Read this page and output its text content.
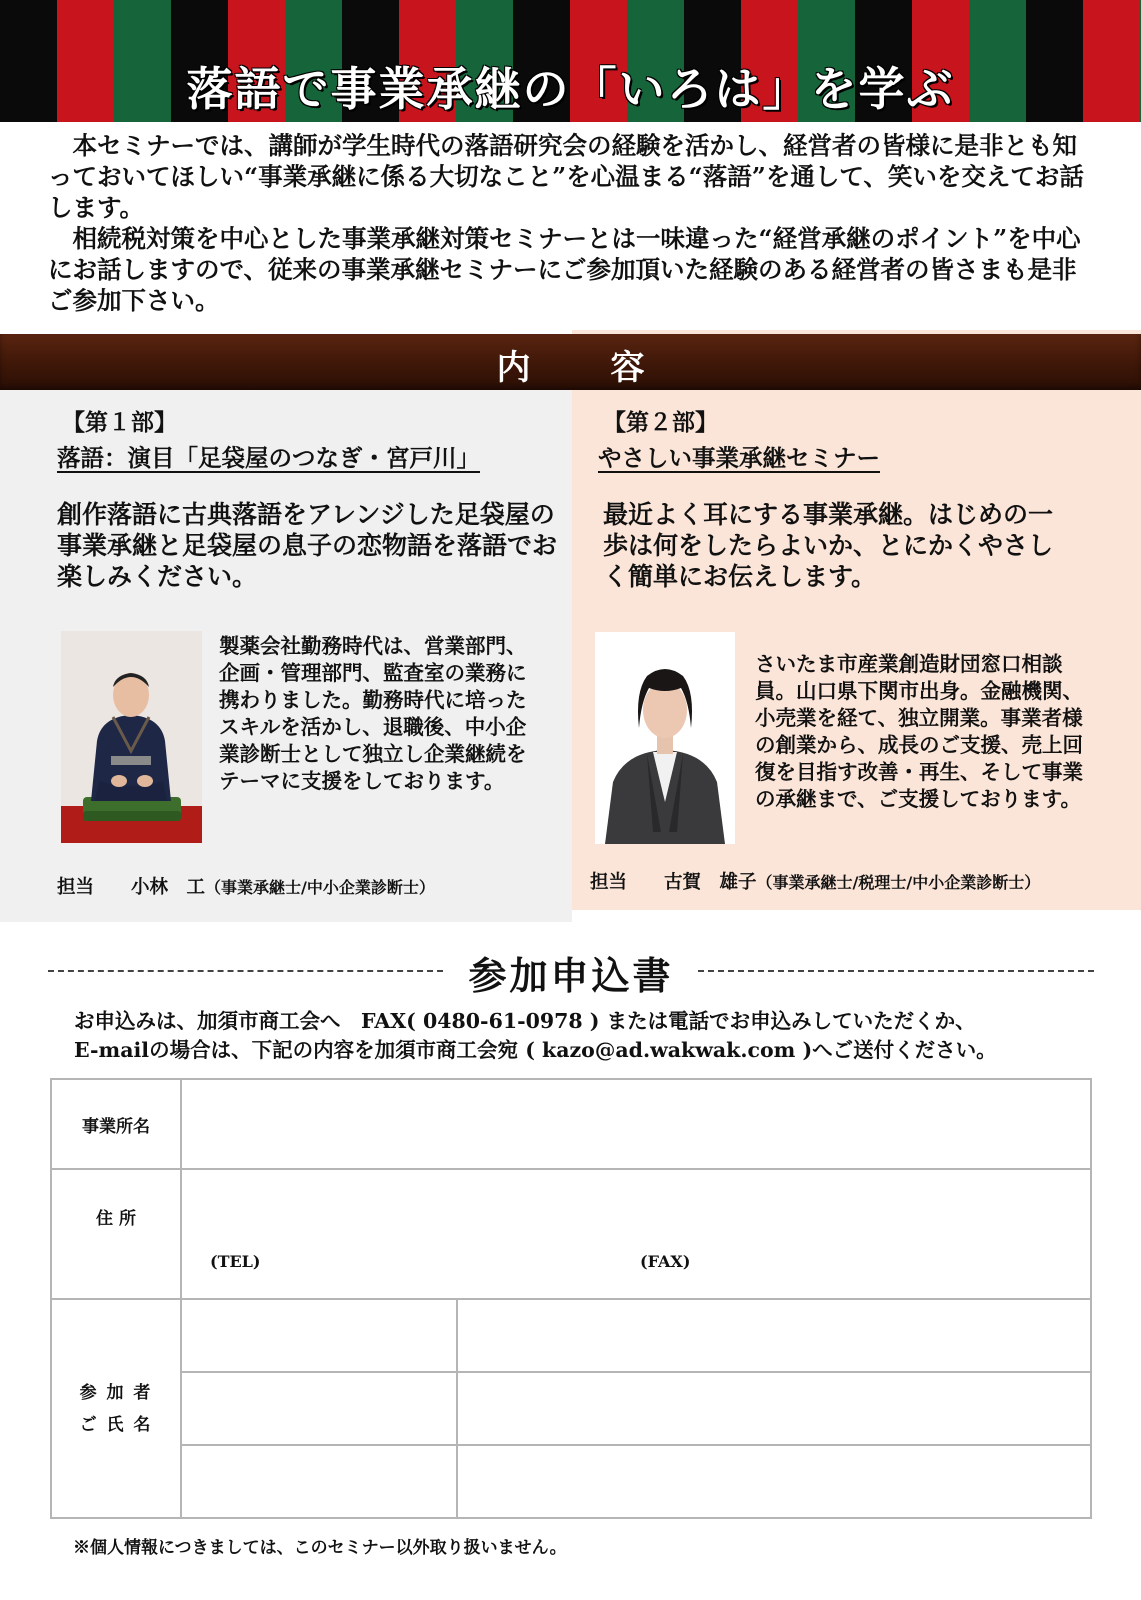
落語で事業承継の「いろは」を学ぶ

本セミナーでは、講師が学生時代の落語研究会の経験を活かし、経営者の皆様に是非とも知っておいてほしい“事業承継に係る大切なこと”を心温まる“落語”を通して、笑いを交えてお話します。

相続税対策を中心とした事業承継対策セミナーとは一味違った“経営承継のポイント”を中心にお話しますので、従来の事業承継セミナーにご参加頂いた経験のある経営者の皆さまも是非ご参加下さい。

内容
【第１部】
落語：演目「足袋屋のつなぎ・宮戸川」

創作落語に古典落語をアレンジした足袋屋の事業承継と足袋屋の息子の恋物語を落語でお楽しみください。

製薬会社勤務時代は、営業部門、企画・管理部門、監査室の業務に携わりました。勤務時代に培ったスキルを活かし、退職後、中小企業診断士として独立し企業継続をテーマに支援をしております。

担当　　 小林　工（事業承継士/中小企業診断士）
【第２部】
やさしい事業承継セミナー

最近よく耳にする事業承継。はじめの一歩は何をしたらよいか、とにかくやさしく簡単にお伝えします。

さいたま市産業創造財団窓口相談員。山口県下関市出身。金融機関、小売業を経て、独立開業。事業者様の創業から、成長のご支援、売上回復を目指す改善・再生、そして事業の承継まで、ご支援しております。

担当　　 古賀　雄子（事業承継士/税理士/中小企業診断士）
参加申込書
お申込みは、加須市商工会へ　FAX( 0480-61-0978 ) または電話でお申込みしていただくか、
E-mailの場合は、下記の内容を加須市商工会宛 ( kazo@ad.wakwak.com )へご送付ください。
事業所名		

住 所	(TEL) (FAX)	

参 加 者
ご 氏 名		

※個人情報につきましては、このセミナー以外取り扱いません。
